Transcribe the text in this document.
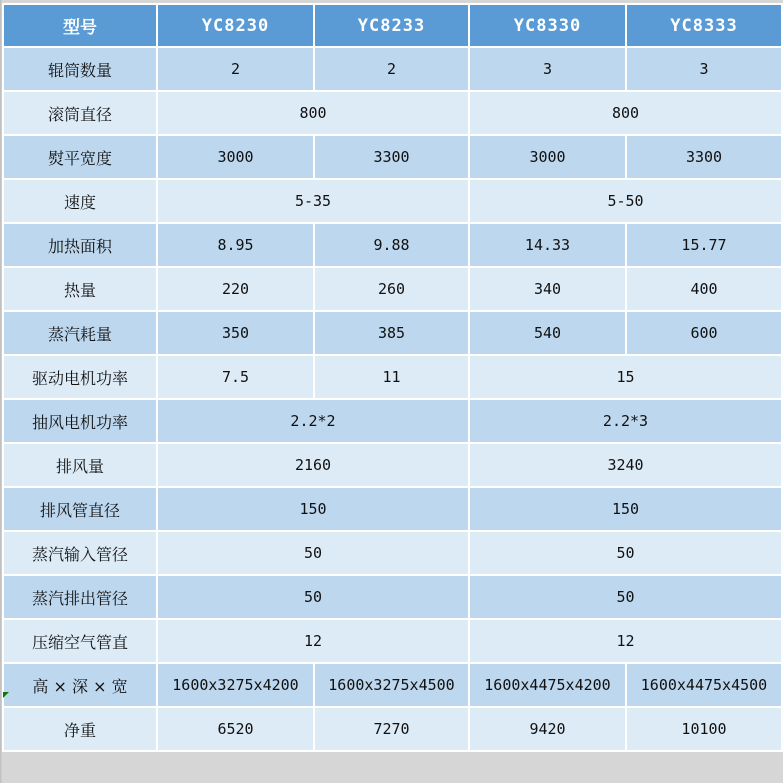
型号	YC8230	YC8233	YC8330	YC8333
辊筒数量	2	2	3	3
滚筒直径	800		800	
熨平宽度	3000	3300	3000	3300
速度	5-35		5-50	
加热面积	8.95	9.88	14.33	15.77
热量	220	260	340	400
蒸汽耗量	350	385	540	600
驱动电机功率	7.5	11	15	
抽风电机功率	2.2*2		2.2*3	
排风量	2160		3240	
排风管直径	150		150	
蒸汽输入管径	50		50	
蒸汽排出管径	50		50	
压缩空气管直	12		12	
高 × 深 × 宽	1600x3275x4200	1600x3275x4500	1600x4475x4200	1600x4475x4500
净重	6520	7270	9420	10100
